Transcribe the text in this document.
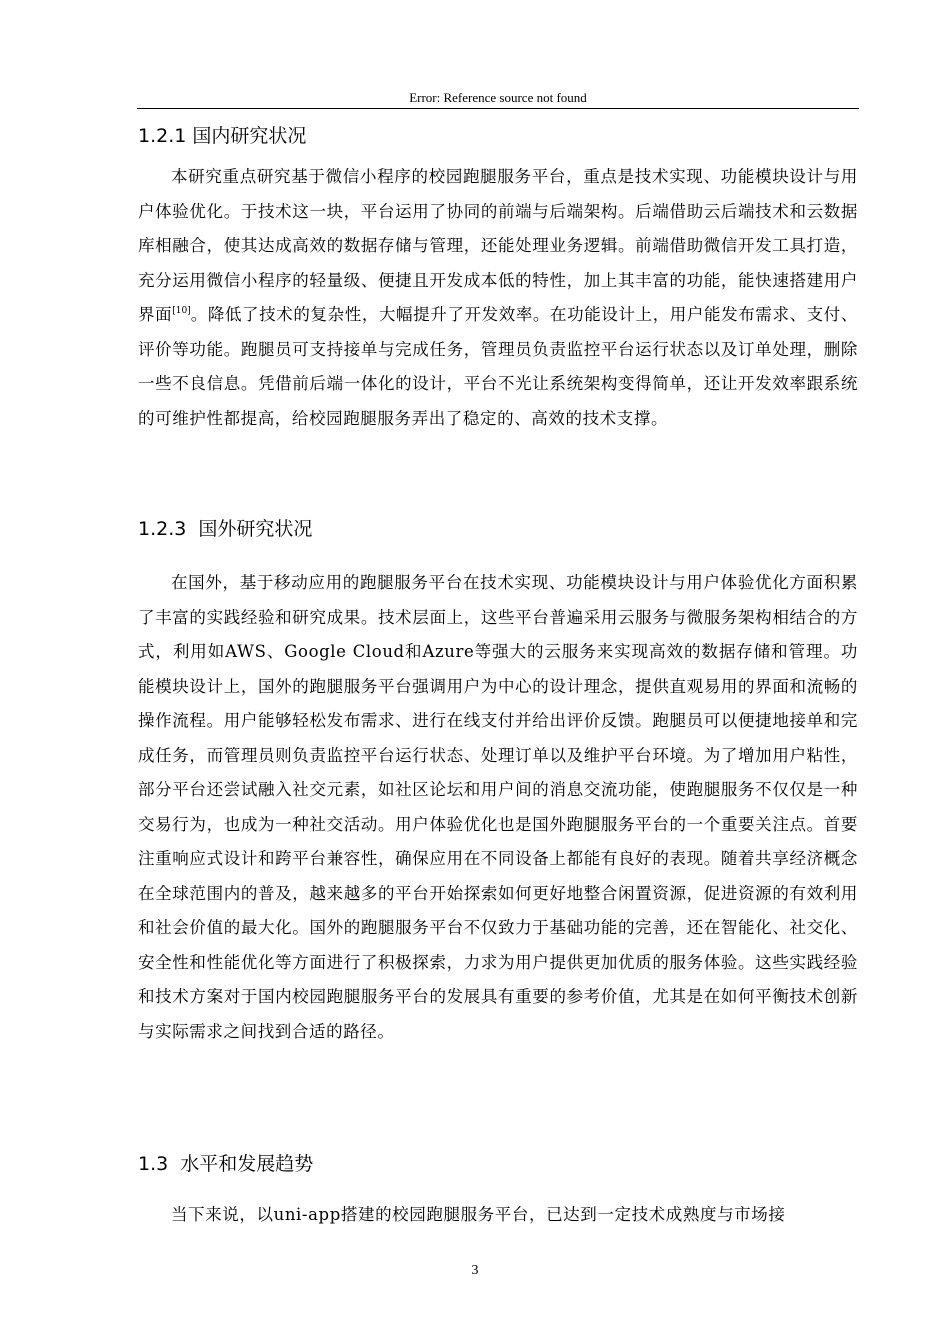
Error: Reference source not found
1.2.1 国内研究状况

本研究重点研究基于微信小程序的校园跑腿服务平台，重点是技术实现、功能模块设计与用户体验优化。于技术这一块，平台运用了协同的前端与后端架构。后端借助云后端技术和云数据库相融合，使其达成高效的数据存储与管理，还能处理业务逻辑。前端借助微信开发工具打造，充分运用微信小程序的轻量级、便捷且开发成本低的特性，加上其丰富的功能，能快速搭建用户界面[10]。降低了技术的复杂性，大幅提升了开发效率。在功能设计上，用户能发布需求、支付、评价等功能。跑腿员可支持接单与完成任务，管理员负责监控平台运行状态以及订单处理，删除一些不良信息。凭借前后端一体化的设计，平台不光让系统架构变得简单，还让开发效率跟系统的可维护性都提高，给校园跑腿服务弄出了稳定的、高效的技术支撑。

1.2.3  国外研究状况

在国外，基于移动应用的跑腿服务平台在技术实现、功能模块设计与用户体验优化方面积累了丰富的实践经验和研究成果。技术层面上，这些平台普遍采用云服务与微服务架构相结合的方式，利用如AWS、Google Cloud和Azure等强大的云服务来实现高效的数据存储和管理。功能模块设计上，国外的跑腿服务平台强调用户为中心的设计理念，提供直观易用的界面和流畅的操作流程。用户能够轻松发布需求、进行在线支付并给出评价反馈。跑腿员可以便捷地接单和完成任务，而管理员则负责监控平台运行状态、处理订单以及维护平台环境。为了增加用户粘性，部分平台还尝试融入社交元素，如社区论坛和用户间的消息交流功能，使跑腿服务不仅仅是一种交易行为，也成为一种社交活动。用户体验优化也是国外跑腿服务平台的一个重要关注点。首要注重响应式设计和跨平台兼容性，确保应用在不同设备上都能有良好的表现。随着共享经济概念在全球范围内的普及，越来越多的平台开始探索如何更好地整合闲置资源，促进资源的有效利用和社会价值的最大化。国外的跑腿服务平台不仅致力于基础功能的完善，还在智能化、社交化、安全性和性能优化等方面进行了积极探索，力求为用户提供更加优质的服务体验。这些实践经验和技术方案对于国内校园跑腿服务平台的发展具有重要的参考价值，尤其是在如何平衡技术创新与实际需求之间找到合适的路径。

1.3  水平和发展趋势

当下来说，以uni-app搭建的校园跑腿服务平台，已达到一定技术成熟度与市场接

3
